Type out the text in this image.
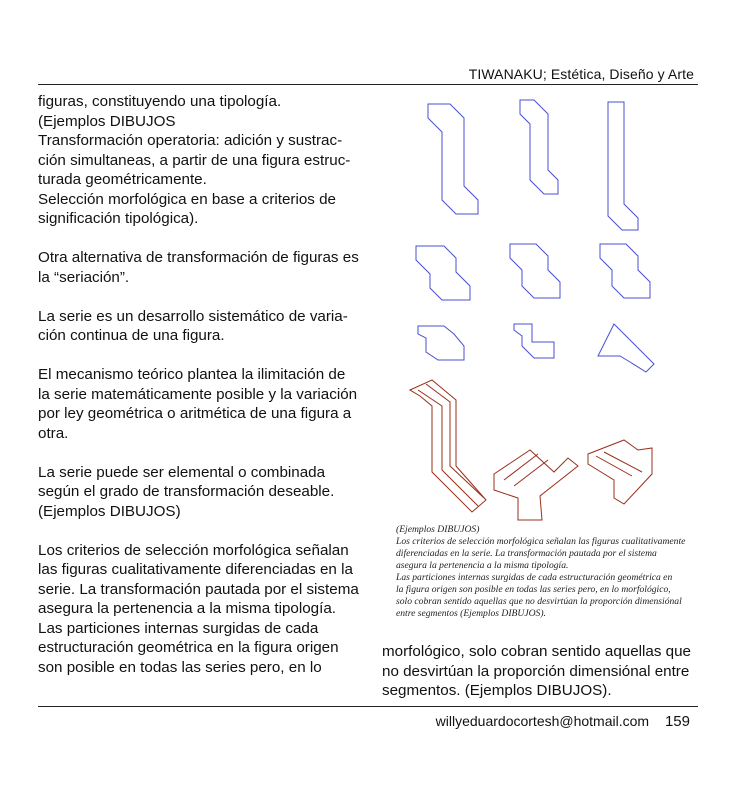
TIWANAKU; Estética, Diseño y Arte

figuras, constituyendo una tipología.
(Ejemplos DIBUJOS
Transformación operatoria: adición y sustrac-
ción simultaneas, a partir de una figura estruc-
turada geométricamente.
Selección morfológica en base a criterios de
significación tipológica).

Otra alternativa de transformación de figuras es
la “seriación”.

La serie es un desarrollo sistemático de varia-
ción continua de una figura.

El mecanismo teórico plantea la ilimitación de
la serie matemáticamente posible y la variación
por ley geométrica o aritmética de una figura a
otra.

La serie puede ser elemental o combinada
según el grado de transformación deseable.
(Ejemplos DIBUJOS)

Los criterios de selección morfológica señalan
las figuras cualitativamente diferenciadas en la
serie. La transformación pautada por el sistema
asegura la pertenencia a la misma tipología.
Las particiones internas surgidas de cada
estructuración geométrica en la figura origen
son posible en todas las series pero, en lo

(Ejemplos DIBUJOS)

Los criterios de selección morfológica señalan las figuras cualitativamente
diferenciadas en la serie. La transformación pautada por el sistema
asegura la pertenencia a la misma tipología.

Las particiones internas surgidas de cada estructuración geométrica en
la figura origen son posible en todas las series pero, en lo morfológico,
solo cobran sentido aquellas que no desvirtúan la proporción dimensiónal
entre segmentos (Ejemplos DIBUJOS).

morfológico, solo cobran sentido aquellas que
no desvirtúan la proporción dimensiónal entre
segmentos. (Ejemplos DIBUJOS).

willyeduardocortesh@hotmail.com 159
